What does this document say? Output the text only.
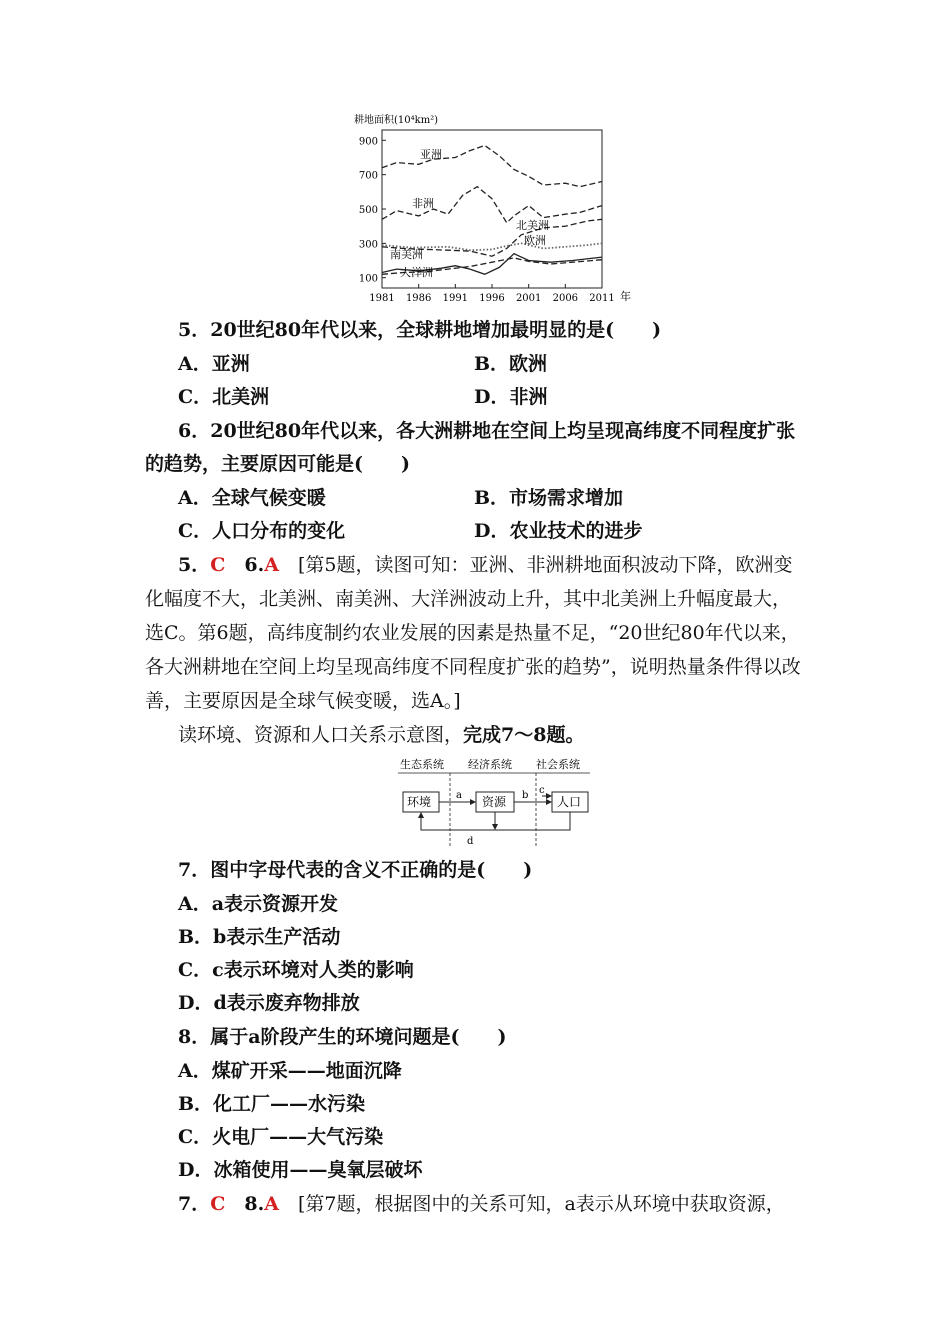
耕地面积(10⁴km²)
100
300
500
700
900
1981 1986 1991 1996 2001 2006 2011 年
亚洲
非洲
北美洲
欧洲
南美洲
大洋洲
5．20世纪80年代以来，全球耕地增加最明显的是(　　)
A．亚洲	B．欧洲
C．北美洲	D．非洲
6．20世纪80年代以来，各大洲耕地在空间上均呈现高纬度不同程度扩张
的趋势，主要原因可能是(　　)
A．全球气候变暖	B．市场需求增加
C．人口分布的变化	D．农业技术的进步
5．C　6.A　[第5题，读图可知：亚洲、非洲耕地面积波动下降，欧洲变
化幅度不大，北美洲、南美洲、大洋洲波动上升，其中北美洲上升幅度最大，
选C。第6题，高纬度制约农业发展的因素是热量不足，“20世纪80年代以来，
各大洲耕地在空间上均呈现高纬度不同程度扩张的趋势”，说明热量条件得以改
善，主要原因是全球气候变暖，选A。]
读环境、资源和人口关系示意图，完成7～8题。
生态系统 经济系统 社会系统
环境	资源	人口
a	b c
d
7．图中字母代表的含义不正确的是(　　)
A．a表示资源开发
B．b表示生产活动
C．c表示环境对人类的影响
D．d表示废弃物排放
8．属于a阶段产生的环境问题是(　　)
A．煤矿开采——地面沉降
B．化工厂——水污染
C．火电厂——大气污染
D．冰箱使用——臭氧层破坏
7．C　8.A　[第7题，根据图中的关系可知，a表示从环境中获取资源，
